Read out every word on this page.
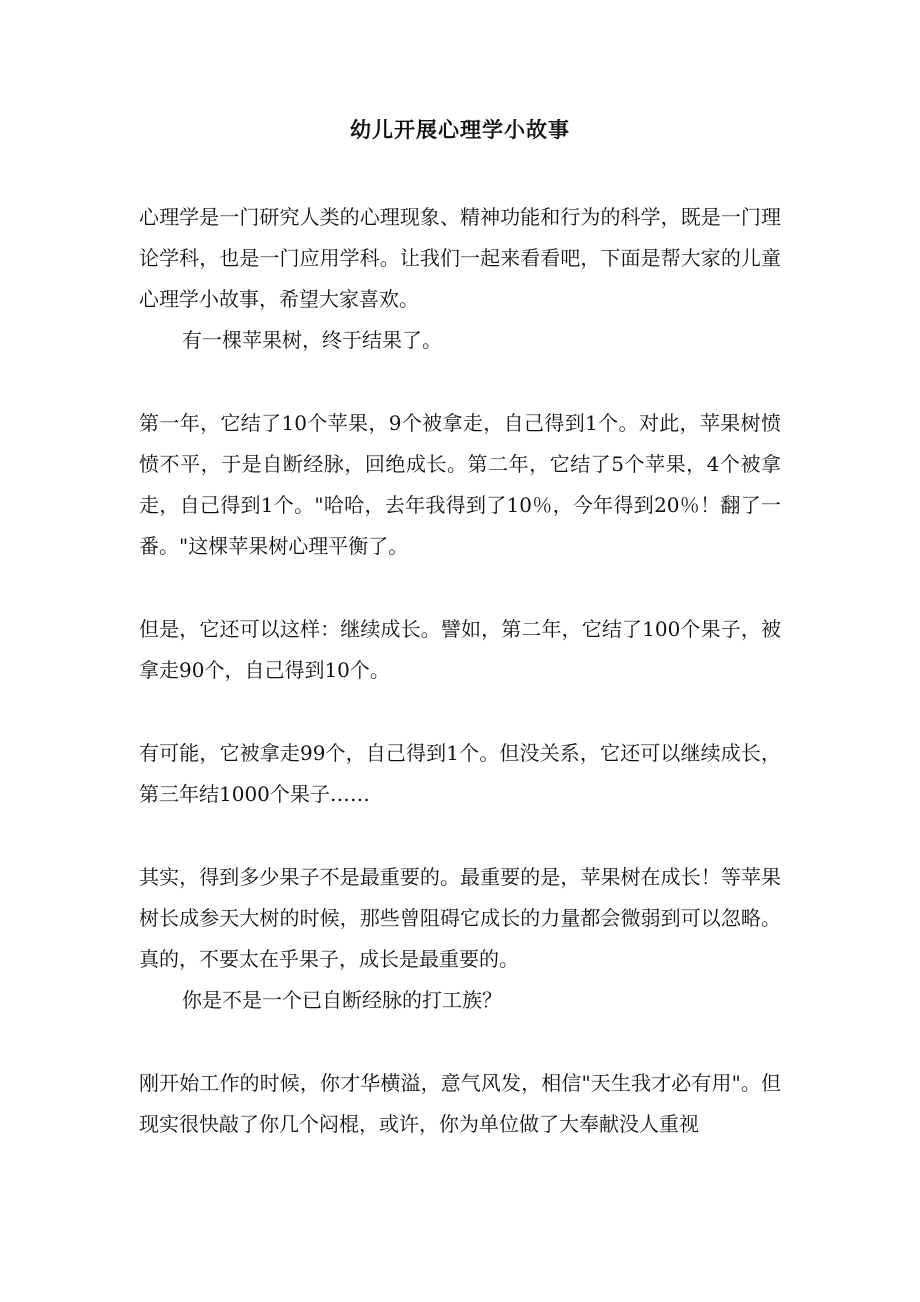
幼儿开展心理学小故事

心理学是一门研究人类的心理现象、精神功能和行为的科学，既是一门理论学科，也是一门应用学科。让我们一起来看看吧，下面是帮大家的儿童心理学小故事，希望大家喜欢。

有一棵苹果树，终于结果了。

第一年，它结了10个苹果，9个被拿走，自己得到1个。对此，苹果树愤愤不平，于是自断经脉，回绝成长。第二年，它结了5个苹果，4个被拿走，自己得到1个。"哈哈，去年我得到了10％，今年得到20％！翻了一番。"这棵苹果树心理平衡了。

但是，它还可以这样：继续成长。譬如，第二年，它结了100个果子，被拿走90个，自己得到10个。

有可能，它被拿走99个，自己得到1个。但没关系，它还可以继续成长，第三年结1000个果子……

其实，得到多少果子不是最重要的。最重要的是，苹果树在成长！等苹果树长成参天大树的时候，那些曾阻碍它成长的力量都会微弱到可以忽略。真的，不要太在乎果子，成长是最重要的。

你是不是一个已自断经脉的打工族？

刚开始工作的时候，你才华横溢，意气风发，相信"天生我才必有用"。但现实很快敲了你几个闷棍，或许，你为单位做了大奉献没人重视
